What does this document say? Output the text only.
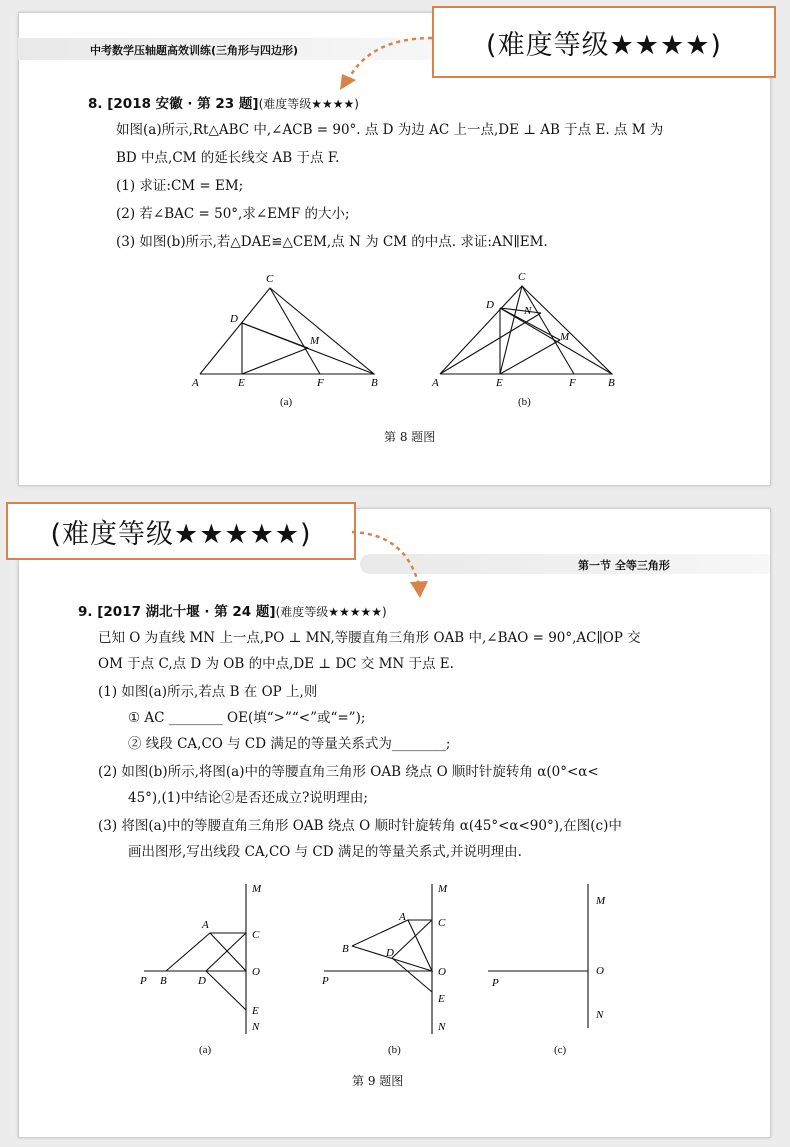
中考数学压轴题高效训练(三角形与四边形)	(难度等级★★★★)
8. [2018 安徽 · 第 23 题](难度等级★★★★)
如图(a)所示,Rt△ABC 中,∠ACB = 90°. 点 D 为边 AC 上一点,DE ⊥ AB 于点 E. 点 M 为
BD 中点,CM 的延长线交 AB 于点 F.
(1) 求证:CM = EM;
(2) 若∠BAC = 50°,求∠EMF 的大小;
(3) 如图(b)所示,若△DAE≌△CEM,点 N 为 CM 的中点. 求证:AN∥EM.
A	B
C
D
E	F
M
(a)
A	B
C
D
E	F
M
N
(b)
第 8 题图
第一节 全等三角形
(难度等级★★★★★)
9. [2017 湖北十堰 · 第 24 题](难度等级★★★★★)
已知 O 为直线 MN 上一点,PO ⊥ MN,等腰直角三角形 OAB 中,∠BAO = 90°,AC∥OP 交
OM 于点 C,点 D 为 OB 的中点,DE ⊥ DC 交 MN 于点 E.
(1) 如图(a)所示,若点 B 在 OP 上,则
① AC ________ OE(填“>”“<”或“=”);
② 线段 CA,CO 与 CD 满足的等量关系式为________;
(2) 如图(b)所示,将图(a)中的等腰直角三角形 OAB 绕点 O 顺时针旋转角 α(0°<α<
45°),(1)中结论②是否还成立?说明理由;
(3) 将图(a)中的等腰直角三角形 OAB 绕点 O 顺时针旋转角 α(45°<α<90°),在图(c)中
画出图形,写出线段 CA,CO 与 CD 满足的等量关系式,并说明理由.
M
N
A
C
O
P B	D
E
(a)
M
N
A
B
C
D
O
P
E
(b)
M
O
P
N
(c)
第 9 题图
